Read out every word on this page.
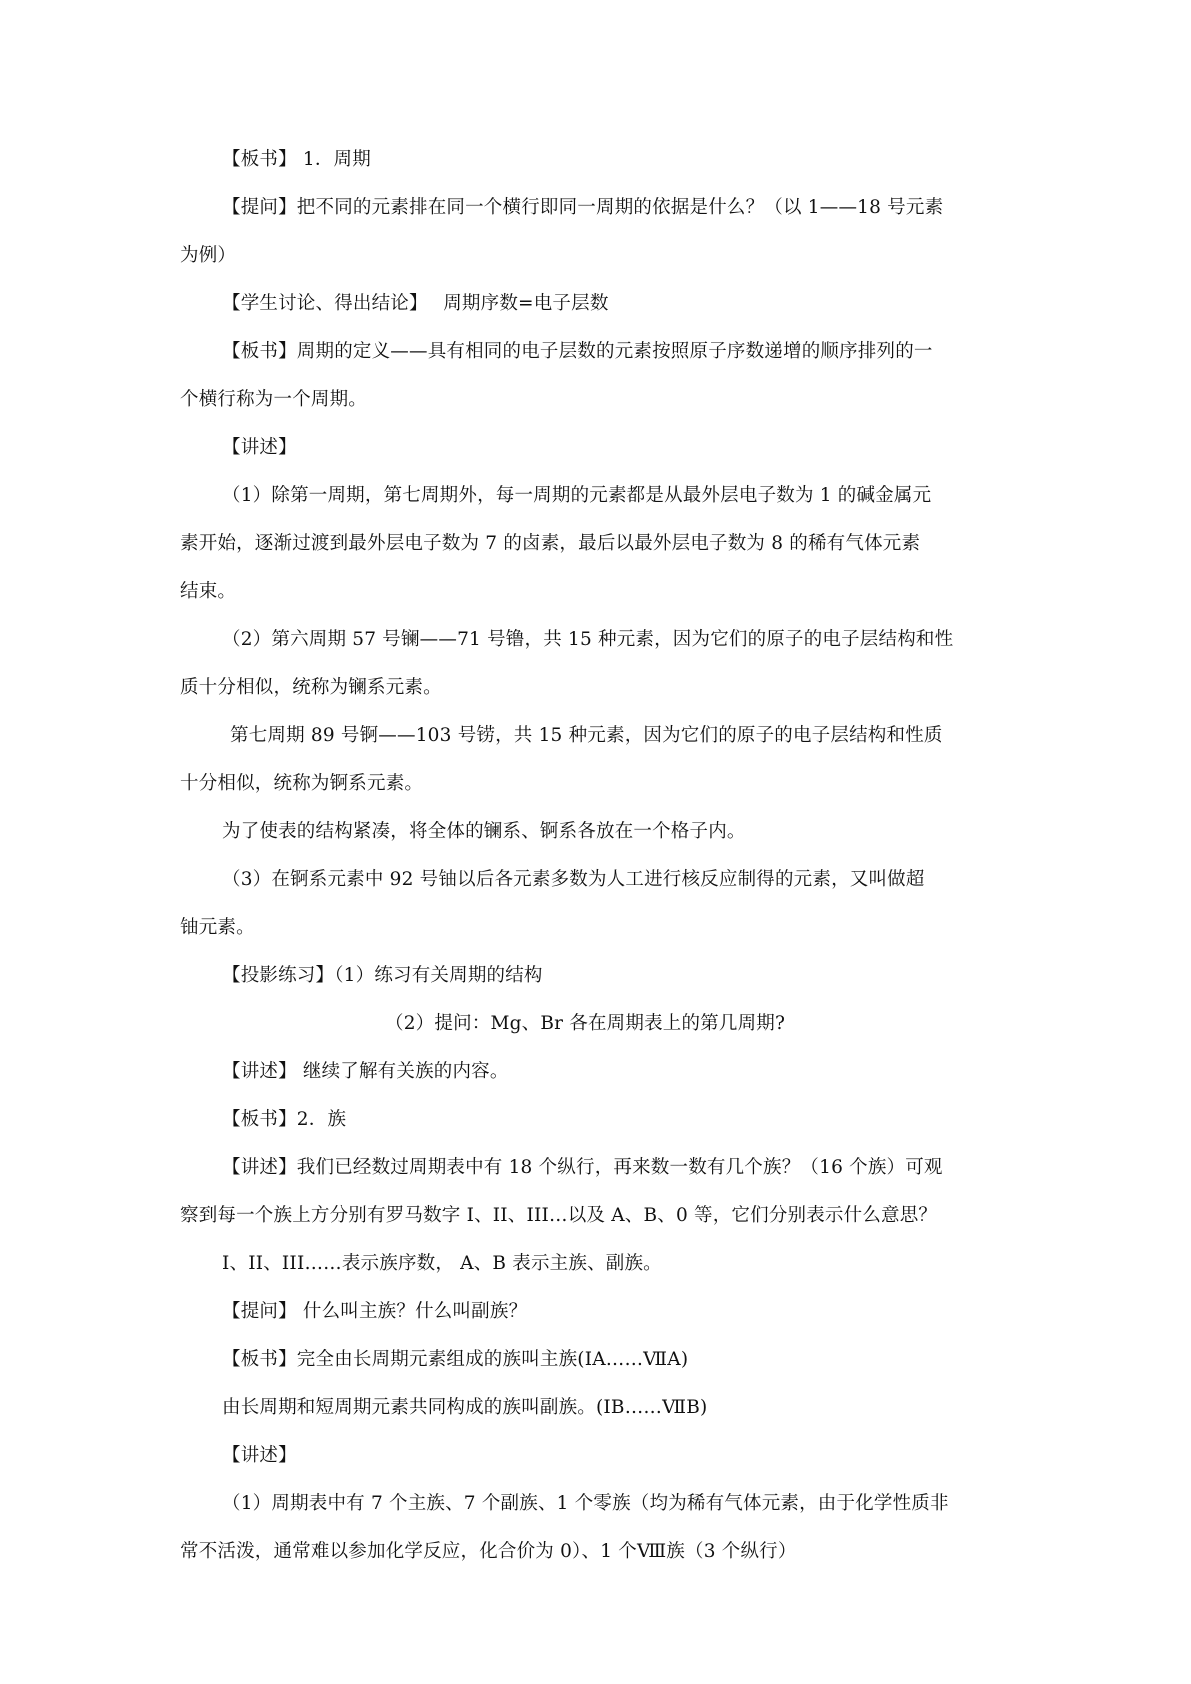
【板书】 1．周期
【提问】把不同的元素排在同一个横行即同一周期的依据是什么？（以 1——18 号元素
为例）
【学生讨论、得出结论】　 周期序数=电子层数
【板书】周期的定义——具有相同的电子层数的元素按照原子序数递增的顺序排列的一
个横行称为一个周期。
【讲述】
（1）除第一周期，第七周期外，每一周期的元素都是从最外层电子数为 1 的碱金属元
素开始，逐渐过渡到最外层电子数为 7 的卤素，最后以最外层电子数为 8 的稀有气体元素
结束。
（2）第六周期 57 号镧——71 号镥，共 15 种元素，因为它们的原子的电子层结构和性
质十分相似，统称为镧系元素。
第七周期 89 号锕——103 号铹，共 15 种元素，因为它们的原子的电子层结构和性质
十分相似，统称为锕系元素。
为了使表的结构紧凑，将全体的镧系、锕系各放在一个格子内。
（3）在锕系元素中 92 号铀以后各元素多数为人工进行核反应制得的元素，又叫做超
铀元素。
【投影练习】（1）练习有关周期的结构
（2）提问：Mg、Br 各在周期表上的第几周期?
【讲述】 继续了解有关族的内容。
【板书】2．族
【讲述】我们已经数过周期表中有 18 个纵行，再来数一数有几个族？（16 个族）可观
察到每一个族上方分别有罗马数字 I、II、III…以及 A、B、0 等，它们分别表示什么意思？
I、II、III……表示族序数， A、B 表示主族、副族。
【提问】 什么叫主族？什么叫副族？
【板书】完全由长周期元素组成的族叫主族(ⅠA……ⅦA)
由长周期和短周期元素共同构成的族叫副族。(ⅠB……ⅦB)
【讲述】
（1）周期表中有 7 个主族、7 个副族、1 个零族（均为稀有气体元素，由于化学性质非
常不活泼，通常难以参加化学反应，化合价为 0）、1 个Ⅷ族（3 个纵行）
